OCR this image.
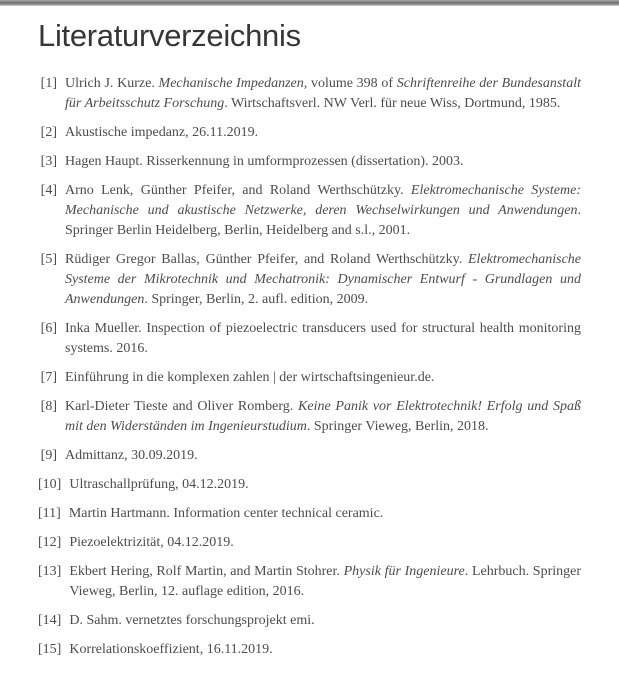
Literaturverzeichnis
[1] Ulrich J. Kurze. Mechanische Impedanzen, volume 398 of Schriftenreihe der Bundesanstalt für Arbeitsschutz Forschung. Wirtschaftsverl. NW Verl. für neue Wiss, Dortmund, 1985.
[2] Akustische impedanz, 26.11.2019.
[3] Hagen Haupt. Risserkennung in umformprozessen (dissertation). 2003.
[4] Arno Lenk, Günther Pfeifer, and Roland Werthschützky. Elektromechanische Systeme: Mechanische und akustische Netzwerke, deren Wechselwirkungen und Anwendungen. Springer Berlin Heidelberg, Berlin, Heidelberg and s.l., 2001.
[5] Rüdiger Gregor Ballas, Günther Pfeifer, and Roland Werthschützky. Elektromechanische Systeme der Mikrotechnik und Mechatronik: Dynamischer Entwurf - Grundlagen und Anwendungen. Springer, Berlin, 2. aufl. edition, 2009.
[6] Inka Mueller. Inspection of piezoelectric transducers used for structural health monitoring systems. 2016.
[7] Einführung in die komplexen zahlen | der wirtschaftsingenieur.de.
[8] Karl-Dieter Tieste and Oliver Romberg. Keine Panik vor Elektrotechnik! Erfolg und Spaß mit den Widerständen im Ingenieurstudium. Springer Vieweg, Berlin, 2018.
[9] Admittanz, 30.09.2019.
[10] Ultraschallprüfung, 04.12.2019.
[11] Martin Hartmann. Information center technical ceramic.
[12] Piezoelektrizität, 04.12.2019.
[13] Ekbert Hering, Rolf Martin, and Martin Stohrer. Physik für Ingenieure. Lehrbuch. Springer Vieweg, Berlin, 12. auflage edition, 2016.
[14] D. Sahm. vernetztes forschungsprojekt emi.
[15] Korrelationskoeffizient, 16.11.2019.
